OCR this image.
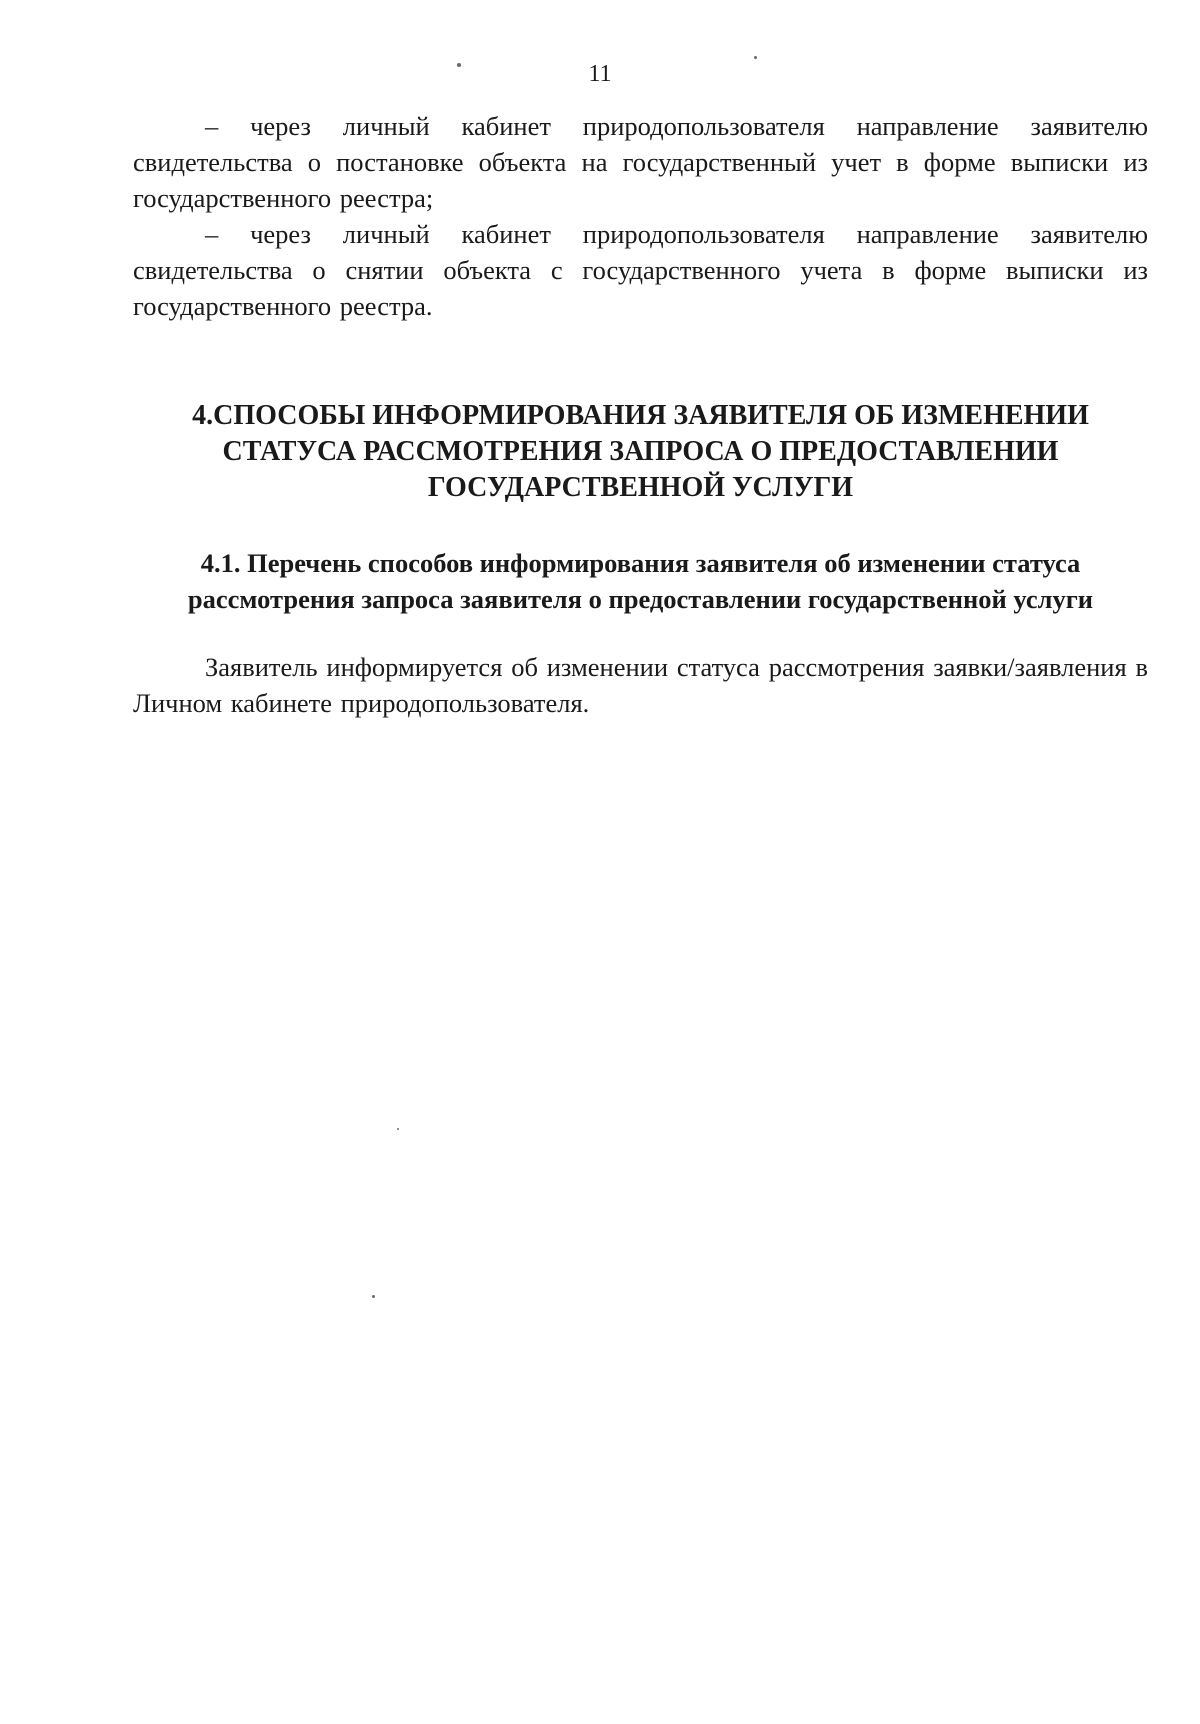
11

– через личный кабинет природопользователя направление заявителю свидетельства о постановке объекта на государственный учет в форме выписки из государственного реестра;

– через личный кабинет природопользователя направление заявителю свидетельства о снятии объекта с государственного учета в форме выписки из государственного реестра.

4.СПОСОБЫ ИНФОРМИРОВАНИЯ ЗАЯВИТЕЛЯ ОБ ИЗМЕНЕНИИ
СТАТУСА РАССМОТРЕНИЯ ЗАПРОСА О ПРЕДОСТАВЛЕНИИ
ГОСУДАРСТВЕННОЙ УСЛУГИ
4.1. Перечень способов информирования заявителя об изменении статуса
рассмотрения запроса заявителя о предоставлении государственной услуги

Заявитель информируется об изменении статуса рассмотрения заявки/заявления в Личном кабинете природопользователя.
